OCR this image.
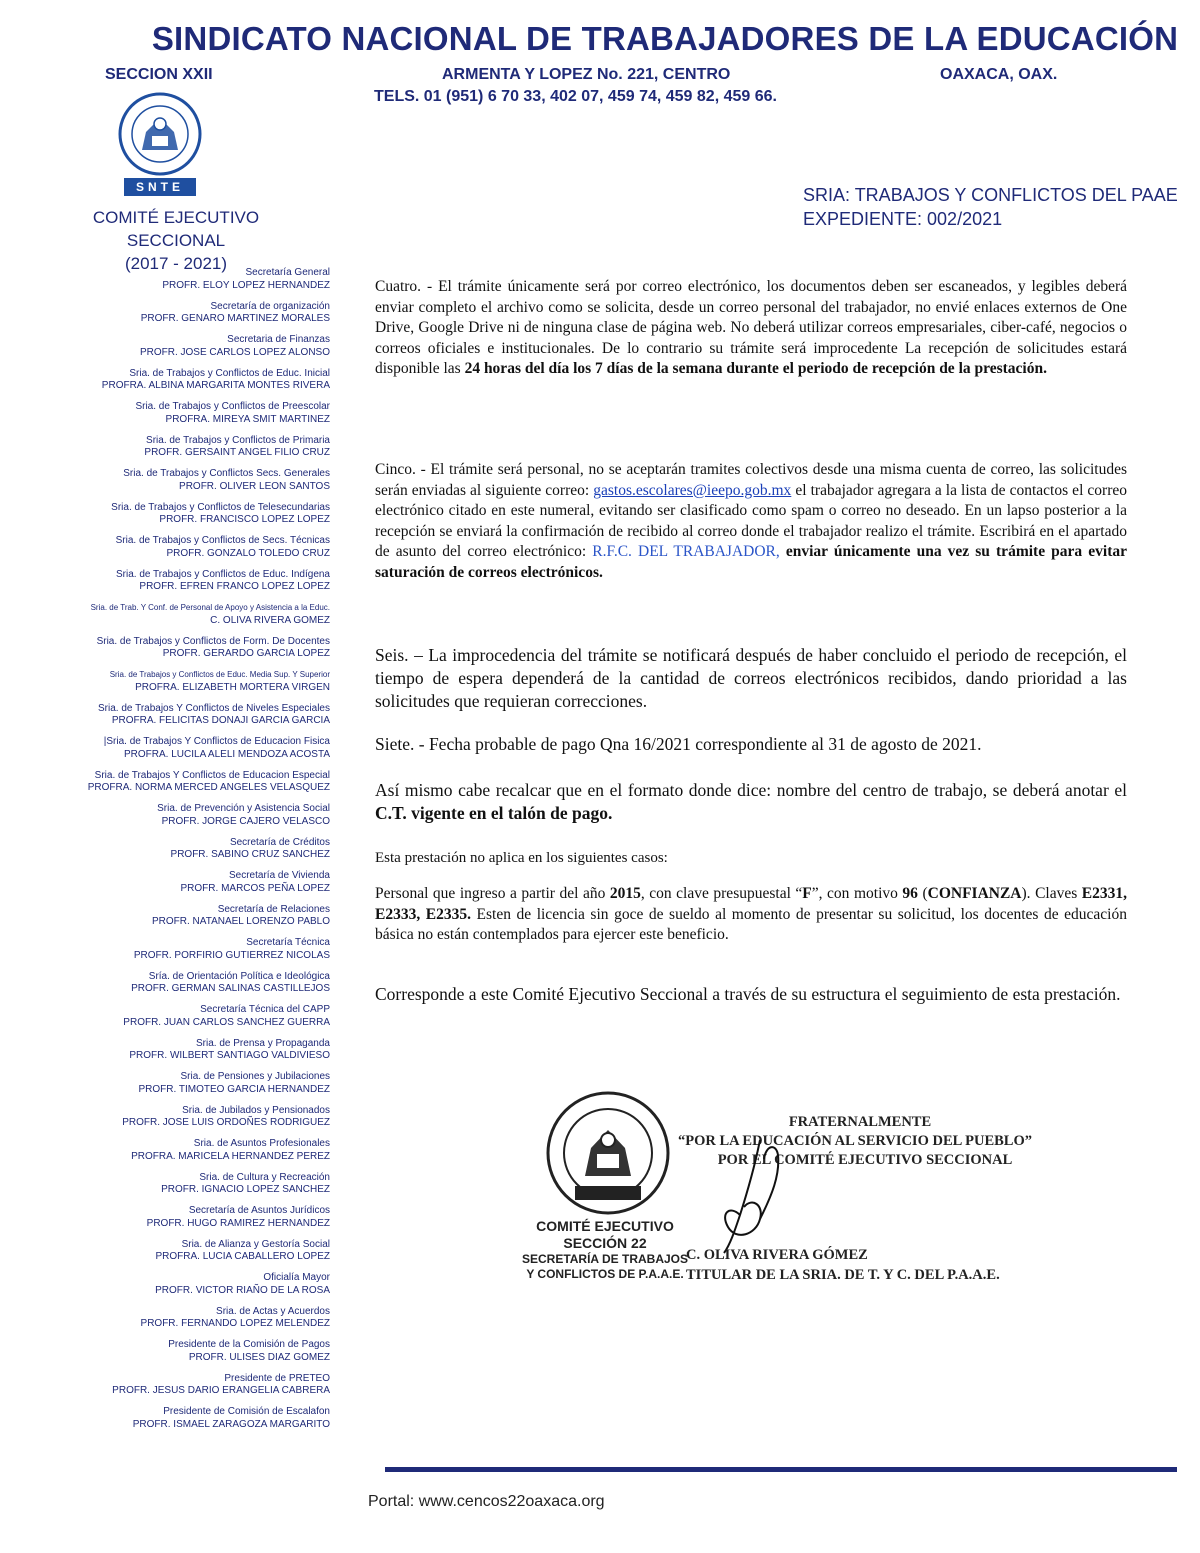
SINDICATO NACIONAL DE TRABAJADORES DE LA EDUCACIÓN
SECCION XXII	ARMENTA Y LOPEZ No. 221, CENTRO	OAXACA, OAX.
TELS. 01 (951) 6 70 33, 402 07, 459 74, 459 82, 459 66.
SNTE
COMITÉ EJECUTIVO SECCIONAL
(2017 - 2021)
SRIA: TRABAJOS Y CONFLICTOS DEL PAAE
EXPEDIENTE: 002/2021
Secretaría General
PROFR. ELOY LOPEZ HERNANDEZ
Secretaría de organización
PROFR. GENARO MARTINEZ MORALES
Secretaria de Finanzas
PROFR. JOSE CARLOS LOPEZ ALONSO
Sria. de Trabajos y Conflictos de Educ. Inicial
PROFRA. ALBINA MARGARITA MONTES RIVERA
Sria. de Trabajos y Conflictos de Preescolar
PROFRA. MIREYA SMIT MARTINEZ
Sria. de Trabajos y Conflictos de Primaria
PROFR. GERSAINT ANGEL FILIO CRUZ
Sria. de Trabajos y Conflictos Secs. Generales
PROFR. OLIVER LEON SANTOS
Sria. de Trabajos y Conflictos de Telesecundarias
PROFR. FRANCISCO LOPEZ LOPEZ
Sria. de Trabajos y Conflictos de Secs. Técnicas
PROFR. GONZALO TOLEDO CRUZ
Sria. de Trabajos y Conflictos de Educ. Indígena
PROFR. EFREN FRANCO LOPEZ LOPEZ
Sria. de Trab. Y Conf. de Personal de Apoyo y Asistencia a la Educ.
C. OLIVA RIVERA GOMEZ
Sria. de Trabajos y Conflictos de Form. De Docentes
PROFR. GERARDO GARCIA LOPEZ
Sria. de Trabajos y Conflictos de Educ. Media Sup. Y Superior
PROFRA. ELIZABETH MORTERA VIRGEN
Sria. de Trabajos Y Conflictos de Niveles Especiales
PROFRA. FELICITAS DONAJI GARCIA GARCIA
|Sria. de Trabajos Y Conflictos de Educacion Fisica
PROFRA. LUCILA ALELI MENDOZA ACOSTA
Sria. de Trabajos Y Conflictos de Educacion Especial
PROFRA. NORMA MERCED ANGELES VELASQUEZ
Sria. de Prevención y Asistencia Social
PROFR. JORGE CAJERO VELASCO
Secretaría de Créditos
PROFR. SABINO CRUZ SANCHEZ
Secretaría de Vivienda
PROFR. MARCOS PEÑA LOPEZ
Secretaría de Relaciones
PROFR. NATANAEL LORENZO PABLO
Secretaría Técnica
PROFR. PORFIRIO GUTIERREZ NICOLAS
Sría. de Orientación Política e Ideológica
PROFR. GERMAN SALINAS CASTILLEJOS
Secretaría Técnica del CAPP
PROFR. JUAN CARLOS SANCHEZ GUERRA
Sria. de Prensa y Propaganda
PROFR. WILBERT SANTIAGO VALDIVIESO
Sria. de Pensiones y Jubilaciones
PROFR. TIMOTEO GARCIA HERNANDEZ
Sria. de Jubilados y Pensionados
PROFR. JOSE LUIS ORDOÑES RODRIGUEZ
Sria. de Asuntos Profesionales
PROFRA. MARICELA HERNANDEZ PEREZ
Sria. de Cultura y Recreación
PROFR. IGNACIO LOPEZ SANCHEZ
Secretaría de Asuntos Jurídicos
PROFR. HUGO RAMIREZ HERNANDEZ
Sria. de Alianza y Gestoría Social
PROFRA. LUCIA CABALLERO LOPEZ
Oficialía Mayor
PROFR. VICTOR RIAÑO DE LA ROSA
Sria. de Actas y Acuerdos
PROFR. FERNANDO LOPEZ MELENDEZ
Presidente de la Comisión de Pagos
PROFR. ULISES DIAZ GOMEZ
Presidente de PRETEO
PROFR. JESUS DARIO ERANGELIA CABRERA
Presidente de Comisión de Escalafon
PROFR. ISMAEL ZARAGOZA MARGARITO

Cuatro. - El trámite únicamente será por correo electrónico, los documentos deben ser escaneados, y legibles deberá enviar completo el archivo como se solicita, desde un correo personal del trabajador, no envié enlaces externos de One Drive, Google Drive ni de ninguna clase de página web. No deberá utilizar correos empresariales, ciber-café, negocios o correos oficiales e institucionales. De lo contrario su trámite será improcedente La recepción de solicitudes estará disponible las 24 horas del día los 7 días de la semana durante el periodo de recepción de la prestación.

Cinco. - El trámite será personal, no se aceptarán tramites colectivos desde una misma cuenta de correo, las solicitudes serán enviadas al siguiente correo: gastos.escolares@ieepo.gob.mx el trabajador agregara a la lista de contactos el correo electrónico citado en este numeral, evitando ser clasificado como spam o correo no deseado. En un lapso posterior a la recepción se enviará la confirmación de recibido al correo donde el trabajador realizo el trámite. Escribirá en el apartado de asunto del correo electrónico: R.F.C. DEL TRABAJADOR, enviar únicamente una vez su trámite para evitar saturación de correos electrónicos.

Seis. – La improcedencia del trámite se notificará después de haber concluido el periodo de recepción, el tiempo de espera dependerá de la cantidad de correos electrónicos recibidos, dando prioridad a las solicitudes que requieran correcciones.

Siete. - Fecha probable de pago Qna 16/2021 correspondiente al 31 de agosto de 2021.

Así mismo cabe recalcar que en el formato donde dice: nombre del centro de trabajo, se deberá anotar el C.T. vigente en el talón de pago.

Esta prestación no aplica en los siguientes casos:

Personal que ingreso a partir del año 2015, con clave presupuestal “F”, con motivo 96 (CONFIANZA). Claves E2331, E2333, E2335. Esten de licencia sin goce de sueldo al momento de presentar su solicitud, los docentes de educación básica no están contemplados para ejercer este beneficio.

Corresponde a este Comité Ejecutivo Seccional a través de su estructura el seguimiento de esta prestación.

FRATERNALMENTE
“POR LA EDUCACIÓN AL SERVICIO DEL PUEBLO”
POR EL COMITÉ EJECUTIVO SECCIONAL
COMITÉ EJECUTIVO
SECCIÓN 22
SECRETARÍA DE TRABAJOS
Y CONFLICTOS DE P.A.A.E.
C. OLIVA RIVERA GÓMEZ
TITULAR DE LA SRIA. DE T. Y C. DEL P.A.A.E.
Portal: www.cencos22oaxaca.org
